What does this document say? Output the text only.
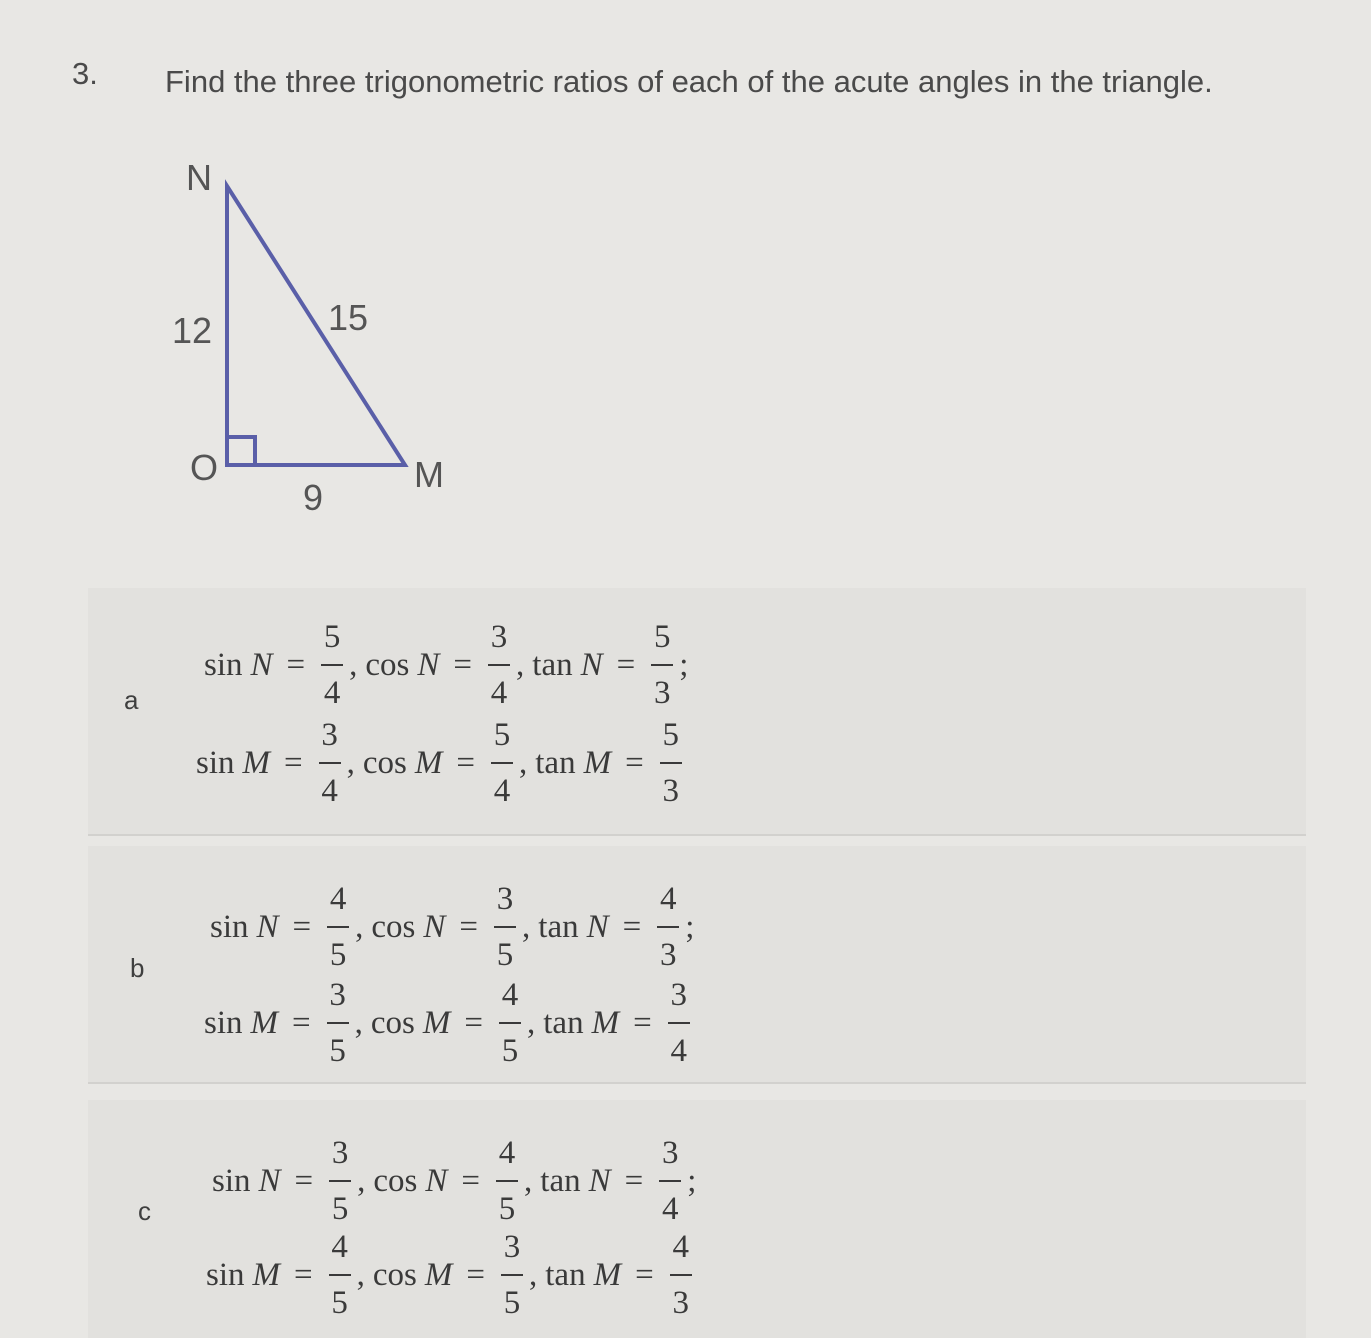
3. Find the three trigonometric ratios of each of the acute angles in the triangle.

N
O	M
12	15
9
a
$\sin N = \frac{5}{4}$ , $\cos N = \frac{3}{4}$ , $\tan N = \frac{5}{3}$ ;
$\sin M = \frac{3}{4}$ , $\cos M = \frac{5}{4}$ , $\tan M = \frac{5}{3}$
b
$\sin N = \frac{4}{5}$ , $\cos N = \frac{3}{5}$ , $\tan N = \frac{4}{3}$ ;
$\sin M = \frac{3}{5}$ , $\cos M = \frac{4}{5}$ , $\tan M = \frac{3}{4}$
c
$\sin N = \frac{3}{5}$ , $\cos N = \frac{4}{5}$ , $\tan N = \frac{3}{4}$ ;
$\sin M = \frac{4}{5}$ , $\cos M = \frac{3}{5}$ , $\tan M = \frac{4}{3}$
